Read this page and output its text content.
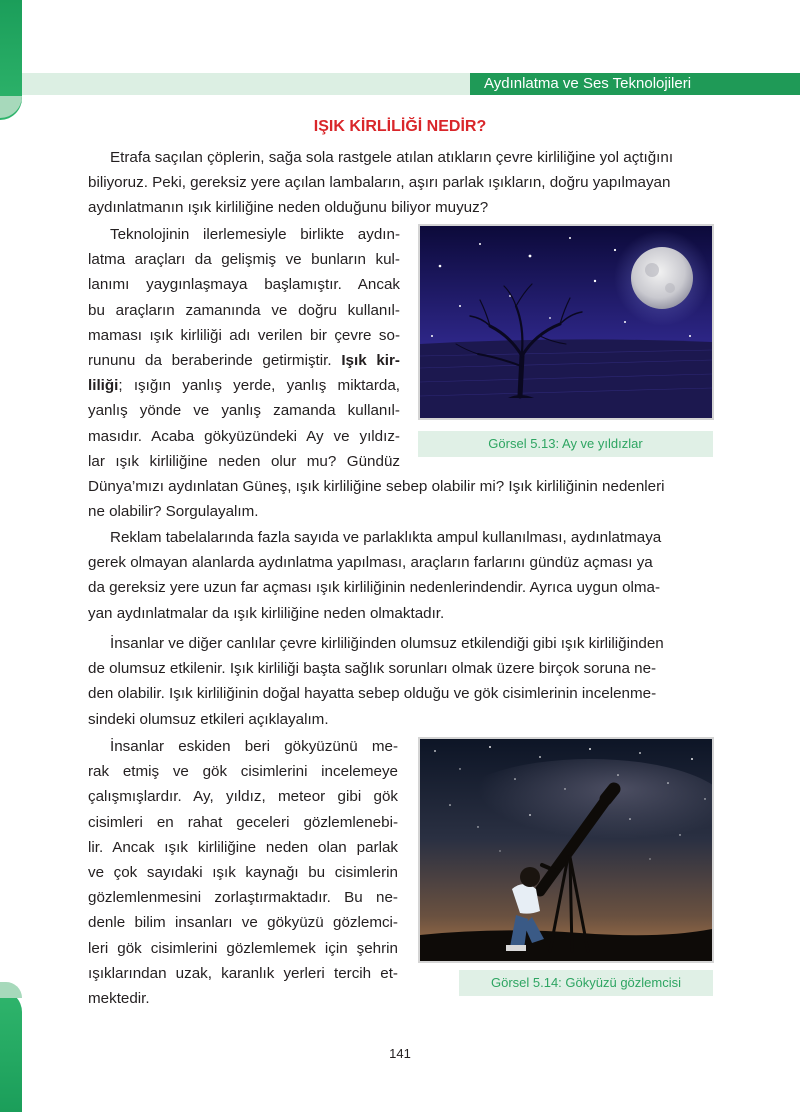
Aydınlatma ve Ses Teknolojileri
IŞIK KİRLİLİĞİ NEDİR?

Etrafa saçılan çöplerin, sağa sola rastgele atılan atıkların çevre kirliliğine yol açtığını

biliyoruz. Peki, gereksiz yere açılan lambaların, aşırı parlak ışıkların, doğru yapılmayan

aydınlatmanın ışık kirliliğine neden olduğunu biliyor muyuz?

Teknolojinin ilerlemesiyle birlikte aydın-

latma araçları da gelişmiş ve bunların kul-

lanımı yaygınlaşmaya başlamıştır. Ancak

bu araçların zamanında ve doğru kullanıl-

maması ışık kirliliği adı verilen bir çevre so-

rununu da beraberinde getirmiştir. Işık kir-

liliği; ışığın yanlış yerde, yanlış miktarda,

yanlış yönde ve yanlış zamanda kullanıl-

masıdır. Acaba gökyüzündeki Ay ve yıldız-

lar ışık kirliliğine neden olur mu? Gündüz

Dünya’mızı aydınlatan Güneş, ışık kirliliğine sebep olabilir mi? Işık kirliliğinin nedenleri

ne olabilir? Sorgulayalım.

Görsel 5.13: Ay ve yıldızlar

Reklam tabelalarında fazla sayıda ve parlaklıkta ampul kullanılması, aydınlatmaya

gerek olmayan alanlarda aydınlatma yapılması, araçların farlarını gündüz açması ya

da gereksiz yere uzun far açması ışık kirliliğinin nedenlerindendir. Ayrıca uygun olma-

yan aydınlatmalar da ışık kirliliğine neden olmaktadır.

İnsanlar ve diğer canlılar çevre kirliliğinden olumsuz etkilendiği gibi ışık kirliliğinden

de olumsuz etkilenir. Işık kirliliği başta sağlık sorunları olmak üzere birçok soruna ne-

den olabilir. Işık kirliliğinin doğal hayatta sebep olduğu ve gök cisimlerinin incelenme-

sindeki olumsuz etkileri açıklayalım.

İnsanlar eskiden beri gökyüzünü me-

rak etmiş ve gök cisimlerini incelemeye

çalışmışlardır. Ay, yıldız, meteor gibi gök

cisimleri en rahat geceleri gözlemlenebi-

lir. Ancak ışık kirliliğine neden olan parlak

ve çok sayıdaki ışık kaynağı bu cisimlerin

gözlemlenmesini zorlaştırmaktadır. Bu ne-

denle bilim insanları ve gökyüzü gözlemci-

leri gök cisimlerini gözlemlemek için şehrin

ışıklarından uzak, karanlık yerleri tercih et-

mektedir.

Görsel 5.14: Gökyüzü gözlemcisi
141
